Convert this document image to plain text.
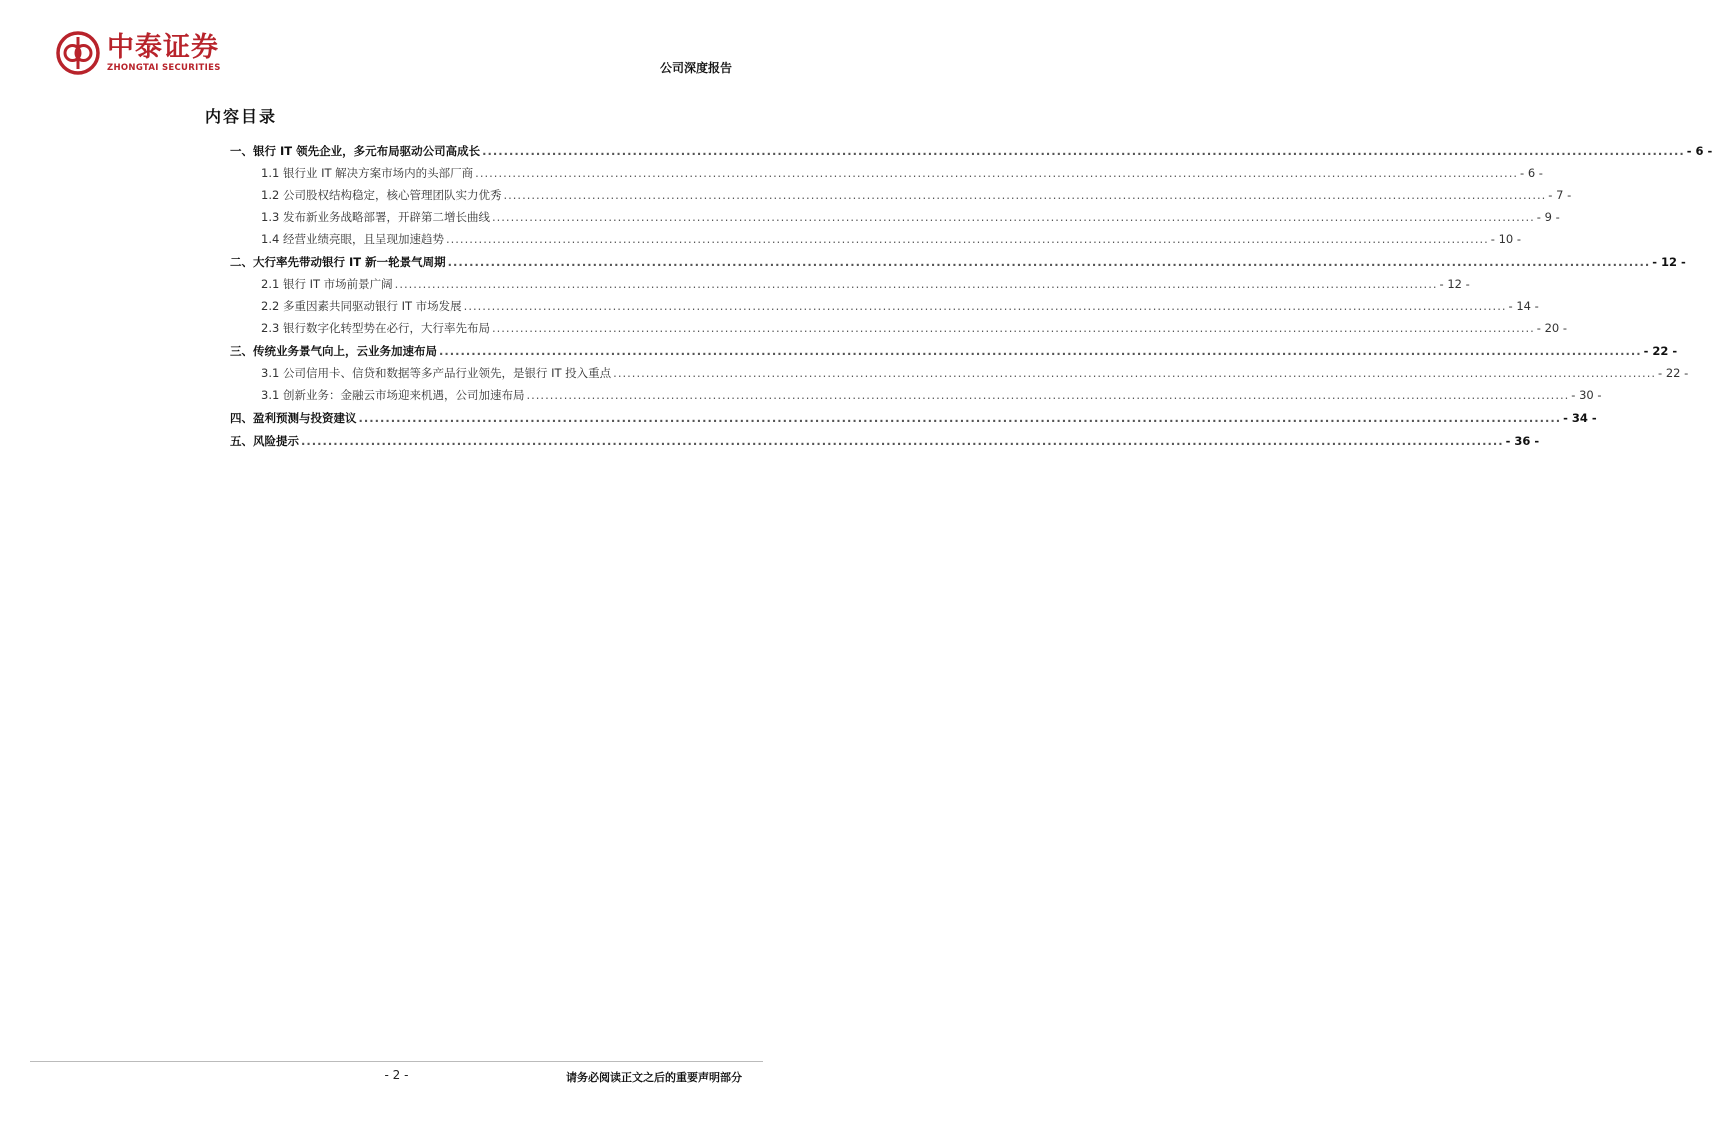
中泰证券
ZHONGTAI SECURITIES	公司深度报告
内容目录
一、银行 IT 领先企业，多元布局驱动公司高成长 .....	- 6 -
1.1 银行业 IT 解决方案市场内的头部厂商 .....	- 6 -
1.2 公司股权结构稳定，核心管理团队实力优秀 .....	- 7 -
1.3 发布新业务战略部署，开辟第二增长曲线 .....	- 9 -
1.4 经营业绩亮眼，且呈现加速趋势 .....	- 10 -
二、大行率先带动银行 IT 新一轮景气周期 .....	- 12 -
2.1 银行 IT 市场前景广阔 .....	- 12 -
2.2 多重因素共同驱动银行 IT 市场发展 .....	- 14 -
2.3 银行数字化转型势在必行，大行率先布局 .....	- 20 -
三、传统业务景气向上，云业务加速布局 .....	- 22 -
3.1 公司信用卡、信贷和数据等多产品行业领先，是银行 IT 投入重点 .....	- 22 -
3.1 创新业务：金融云市场迎来机遇，公司加速布局 .....	- 30 -
四、盈利预测与投资建议 .....	- 34 -
五、风险提示 .....	- 36 -
- 2 -	请务必阅读正文之后的重要声明部分
